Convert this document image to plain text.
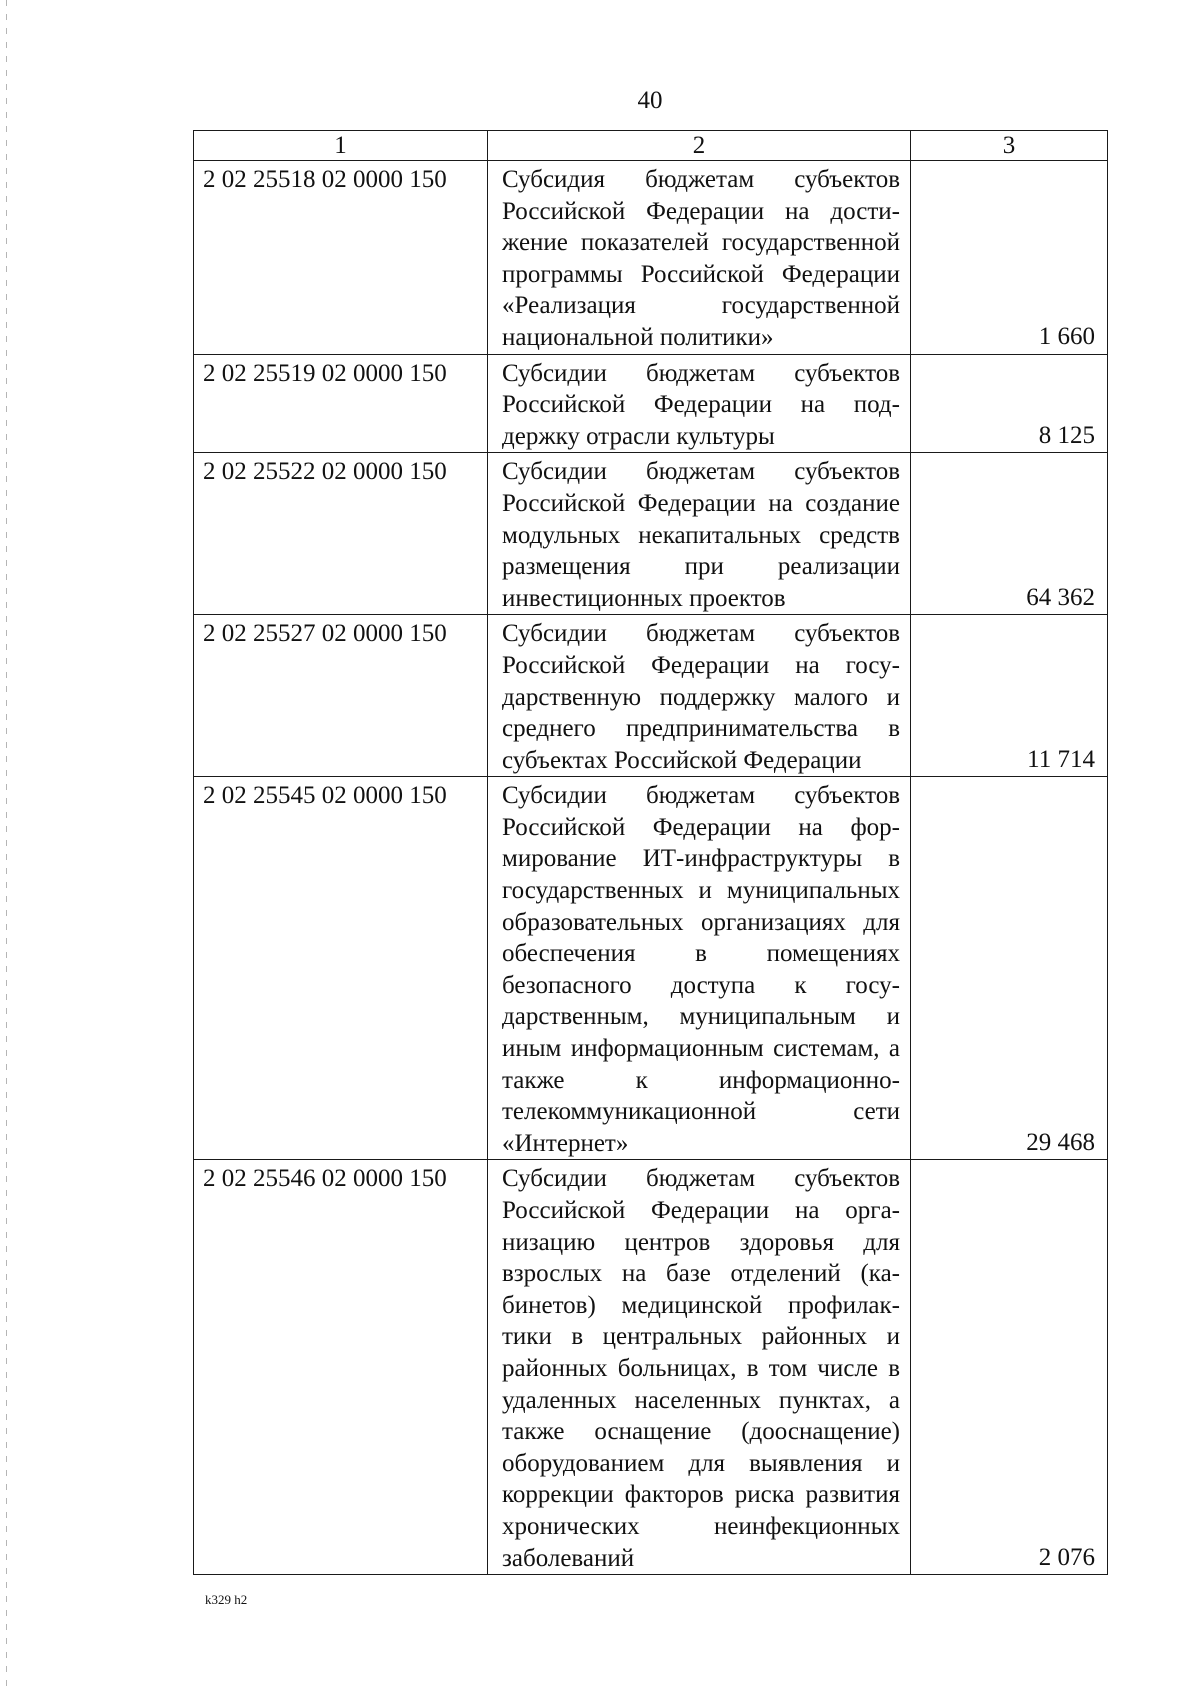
40
1	2	3
2 02 25518 02 0000 150	Субсидия бюджетам субъектов Российской Федерации на достижение показателей государственной программы Российской Федерации «Реализация государственной национальной политики»	1 660
2 02 25519 02 0000 150	Субсидии бюджетам субъектов Российской Федерации на поддержку отрасли культуры	8 125
2 02 25522 02 0000 150	Субсидии бюджетам субъектов Российской Федерации на создание модульных некапитальных средств размещения при реализации инвестиционных проектов	64 362
2 02 25527 02 0000 150	Субсидии бюджетам субъектов Российской Федерации на государственную поддержку малого и среднего предпринимательства в субъектах Российской Федерации	11 714
2 02 25545 02 0000 150	Субсидии бюджетам субъектов Российской Федерации на формирование ИТ-инфраструктуры в государственных и муниципальных образовательных организациях для обеспечения в помещениях безопасного доступа к государственным, муниципальным и иным информационным системам, а также к информационно-телекоммуникационной сети «Интернет»	29 468
2 02 25546 02 0000 150	Субсидии бюджетам субъектов Российской Федерации на организацию центров здоровья для взрослых на базе отделений (кабинетов) медицинской профилактики в центральных районных и районных больницах, в том числе в удаленных населенных пунктах, а также оснащение (дооснащение) оборудованием для выявления и коррекции факторов риска развития хронических неинфекционных заболеваний	2 076
k329 h2
